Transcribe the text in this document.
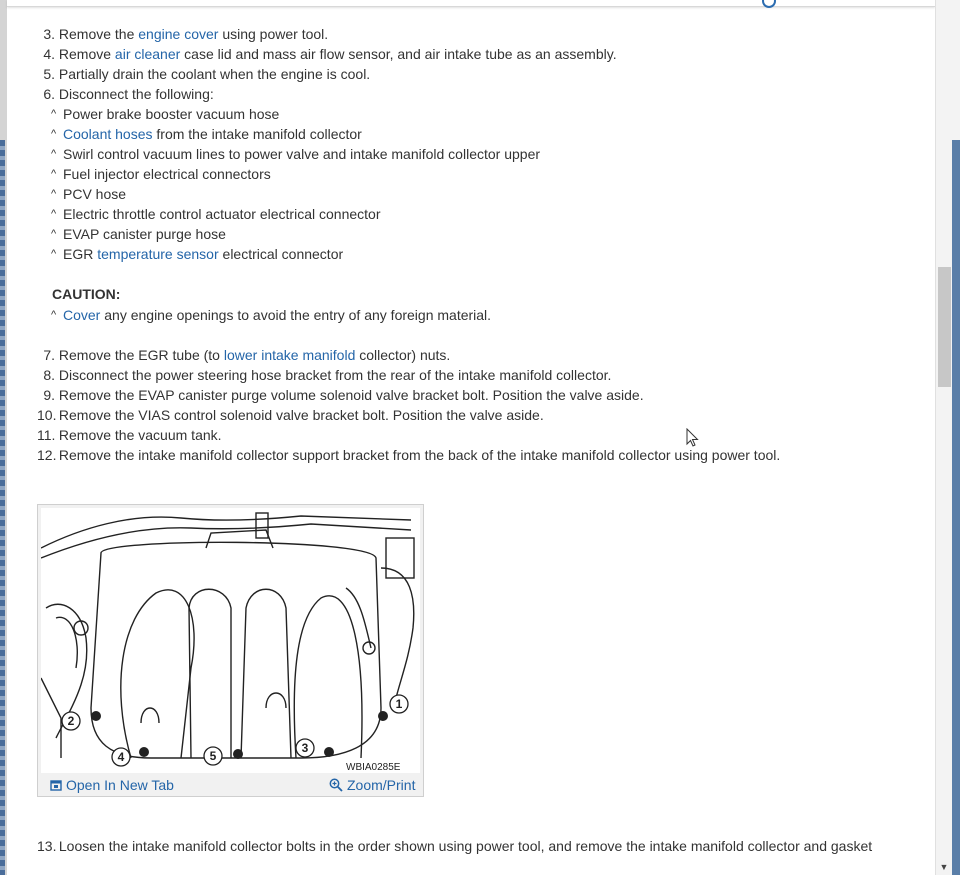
3. Remove the engine cover using power tool.
4. Remove air cleaner case lid and mass air flow sensor, and air intake tube as an assembly.
5. Partially drain the coolant when the engine is cool.
6. Disconnect the following:
^ Power brake booster vacuum hose
^ Coolant hoses from the intake manifold collector
^ Swirl control vacuum lines to power valve and intake manifold collector upper
^ Fuel injector electrical connectors
^ PCV hose
^ Electric throttle control actuator electrical connector
^ EVAP canister purge hose
^ EGR temperature sensor electrical connector
CAUTION:
^ Cover any engine openings to avoid the entry of any foreign material.
7. Remove the EGR tube (to lower intake manifold collector) nuts.
8. Disconnect the power steering hose bracket from the rear of the intake manifold collector.
9. Remove the EVAP canister purge volume solenoid valve bracket bolt. Position the valve aside.
10. Remove the VIAS control solenoid valve bracket bolt. Position the valve aside.
11. Remove the vacuum tank.
12. Remove the intake manifold collector support bracket from the back of the intake manifold collector using power tool.
13. Loosen the intake manifold collector bolts in the order shown using power tool, and remove the intake manifold collector and gasket
1
2
3
4	5
WBIA0285E
Open In New Tab	Zoom/Print
▼
